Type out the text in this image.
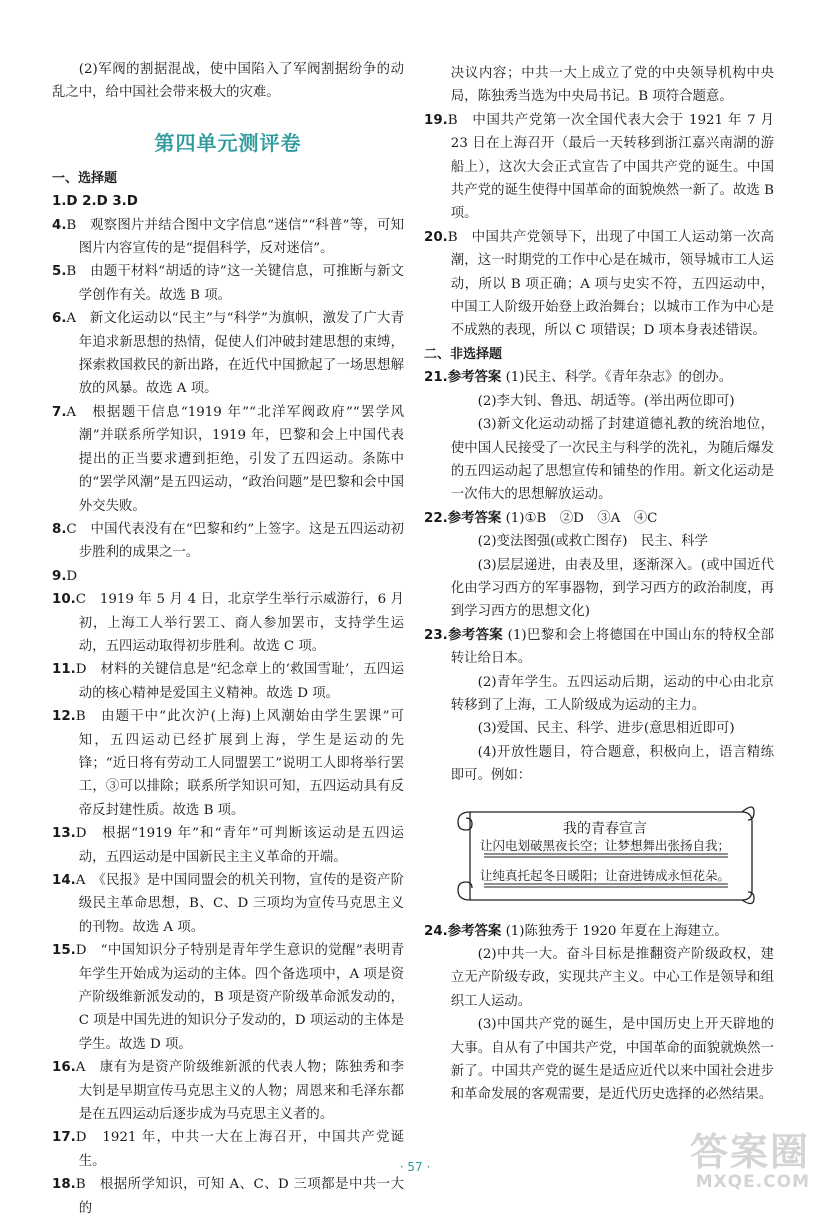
(2)军阀的割据混战，使中国陷入了军阀割据纷争的动乱之中，给中国社会带来极大的灾难。
第四单元测评卷
一、选择题
1.D 2.D 3.D
4.B　观察图片并结合图中文字信息“迷信”“科普”等，可知图片内容宣传的是“提倡科学，反对迷信”。
5.B　由题干材料“胡适的诗”这一关键信息，可推断与新文学创作有关。故选 B 项。
6.A　新文化运动以“民主”与“科学”为旗帜，激发了广大青年追求新思想的热情，促使人们冲破封建思想的束缚，探索救国救民的新出路，在近代中国掀起了一场思想解放的风暴。故选 A 项。
7.A　根据题干信息“1919 年”“北洋军阀政府”“罢学风潮”并联系所学知识，1919 年，巴黎和会上中国代表提出的正当要求遭到拒绝，引发了五四运动。条陈中的“罢学风潮”是五四运动，“政治问题”是巴黎和会中国外交失败。
8.C　中国代表没有在“巴黎和约”上签字。这是五四运动初步胜利的成果之一。
9.D
10.C　1919 年 5 月 4 日，北京学生举行示威游行，6 月初，上海工人举行罢工、商人参加罢市，支持学生运动，五四运动取得初步胜利。故选 C 项。
11.D　材料的关键信息是“纪念章上的‘救国雪耻’，五四运动的核心精神是爱国主义精神。故选 D 项。
12.B　由题干中“此次沪(上海)上风潮始由学生罢课”可知，五四运动已经扩展到上海，学生是运动的先锋；“近日将有劳动工人同盟罢工”说明工人即将举行罢工，③可以排除；联系所学知识可知，五四运动具有反帝反封建性质。故选 B 项。
13.D　根据“1919 年”和“青年”可判断该运动是五四运动，五四运动是中国新民主主义革命的开端。
14.A　《民报》是中国同盟会的机关刊物，宣传的是资产阶级民主革命思想，B、C、D 三项均为宣传马克思主义的刊物。故选 A 项。
15.D　“中国知识分子特别是青年学生意识的觉醒”表明青年学生开始成为运动的主体。四个备选项中，A 项是资产阶级维新派发动的，B 项是资产阶级革命派发动的，C 项是中国先进的知识分子发动的，D 项运动的主体是学生。故选 D 项。
16.A　康有为是资产阶级维新派的代表人物；陈独秀和李大钊是早期宣传马克思主义的人物；周恩来和毛泽东都是在五四运动后逐步成为马克思主义者的。
17.D　1921 年，中共一大在上海召开，中国共产党诞生。
18.B　根据所学知识，可知 A、C、D 三项都是中共一大的
决议内容；中共一大上成立了党的中央领导机构中央局，陈独秀当选为中央局书记。B 项符合题意。
19.B　中国共产党第一次全国代表大会于 1921 年 7 月 23 日在上海召开（最后一天转移到浙江嘉兴南湖的游船上），这次大会正式宣告了中国共产党的诞生。中国共产党的诞生使得中国革命的面貌焕然一新了。故选 B 项。
20.B　中国共产党领导下，出现了中国工人运动第一次高潮，这一时期党的工作中心是在城市，领导城市工人运动，所以 B 项正确；A 项与史实不符，五四运动中，中国工人阶级开始登上政治舞台；以城市工作为中心是不成熟的表现，所以 C 项错误；D 项本身表述错误。
二、非选择题
21.参考答案 (1)民主、科学。《青年杂志》的创办。
(2)李大钊、鲁迅、胡适等。(举出两位即可)
(3)新文化运动动摇了封建道德礼教的统治地位，使中国人民接受了一次民主与科学的洗礼，为随后爆发的五四运动起了思想宣传和铺垫的作用。新文化运动是一次伟大的思想解放运动。
22.参考答案 (1)①B　②D　③A　④C
(2)变法图强(或救亡图存)　民主、科学
(3)层层递进，由表及里，逐渐深入。(或中国近代化由学习西方的军事器物，到学习西方的政治制度，再到学习西方的思想文化)
23.参考答案 (1)巴黎和会上将德国在中国山东的特权全部转让给日本。
(2)青年学生。五四运动后期，运动的中心由北京转移到了上海，工人阶级成为运动的主力。
(3)爱国、民主、科学、进步(意思相近即可)
(4)开放性题目，符合题意，积极向上，语言精练即可。例如：
我的青春宣言
让闪电划破黑夜长空；让梦想舞出张扬自我；
让纯真托起冬日暖阳；让奋进铸成永恒花朵。
24.参考答案 (1)陈独秀于 1920 年夏在上海建立。
(2)中共一大。奋斗目标是推翻资产阶级政权，建立无产阶级专政，实现共产主义。中心工作是领导和组织工人运动。
(3)中国共产党的诞生，是中国历史上开天辟地的大事。自从有了中国共产党，中国革命的面貌就焕然一新了。中国共产党的诞生是适应近代以来中国社会进步和革命发展的客观需要，是近代历史选择的必然结果。
· 57 ·	答案圈
MXQE.COM
